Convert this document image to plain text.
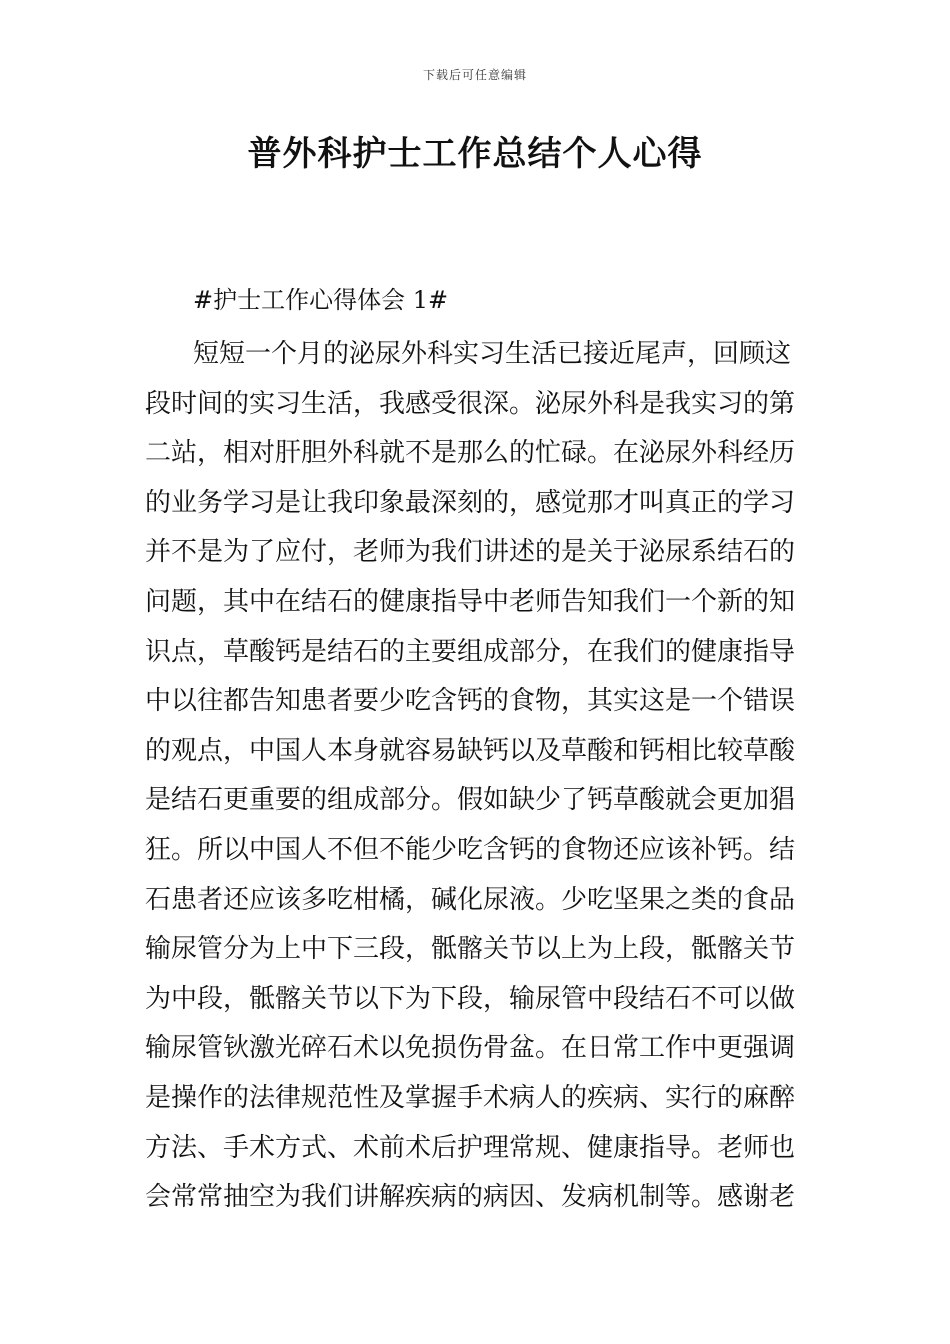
下载后可任意编辑
普外科护士工作总结个人心得
#护士工作心得体会 1#
短短一个月的泌尿外科实习生活已接近尾声，回顾这
段时间的实习生活，我感受很深。泌尿外科是我实习的第
二站，相对肝胆外科就不是那么的忙碌。在泌尿外科经历
的业务学习是让我印象最深刻的，感觉那才叫真正的学习
并不是为了应付，老师为我们讲述的是关于泌尿系结石的
问题，其中在结石的健康指导中老师告知我们一个新的知
识点，草酸钙是结石的主要组成部分，在我们的健康指导
中以往都告知患者要少吃含钙的食物，其实这是一个错误
的观点，中国人本身就容易缺钙以及草酸和钙相比较草酸
是结石更重要的组成部分。假如缺少了钙草酸就会更加猖
狂。所以中国人不但不能少吃含钙的食物还应该补钙。结
石患者还应该多吃柑橘，碱化尿液。少吃坚果之类的食品
输尿管分为上中下三段，骶髂关节以上为上段，骶髂关节
为中段，骶髂关节以下为下段，输尿管中段结石不可以做
输尿管钬激光碎石术以免损伤骨盆。在日常工作中更强调
是操作的法律规范性及掌握手术病人的疾病、实行的麻醉
方法、手术方式、术前术后护理常规、健康指导。老师也
会常常抽空为我们讲解疾病的病因、发病机制等。感谢老
